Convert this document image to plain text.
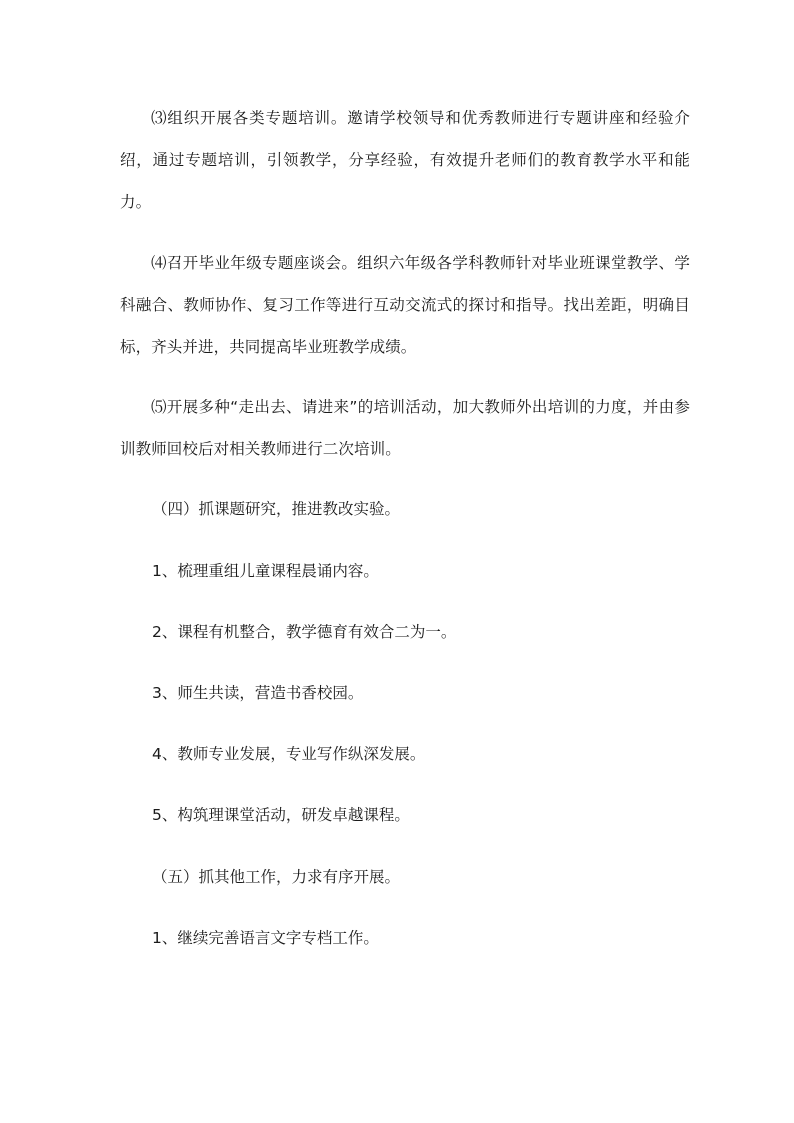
⑶组织开展各类专题培训。邀请学校领导和优秀教师进行专题讲座和经验介绍，通过专题培训，引领教学，分享经验，有效提升老师们的教育教学水平和能力。

⑷召开毕业年级专题座谈会。组织六年级各学科教师针对毕业班课堂教学、学科融合、教师协作、复习工作等进行互动交流式的探讨和指导。找出差距，明确目标，齐头并进，共同提高毕业班教学成绩。

⑸开展多种“走出去、请进来”的培训活动，加大教师外出培训的力度，并由参训教师回校后对相关教师进行二次培训。

（四）抓课题研究，推进教改实验。

1、梳理重组儿童课程晨诵内容。

2、课程有机整合，教学德育有效合二为一。

3、师生共读，营造书香校园。

4、教师专业发展，专业写作纵深发展。

5、构筑理课堂活动，研发卓越课程。

（五）抓其他工作，力求有序开展。

1、继续完善语言文字专档工作。
